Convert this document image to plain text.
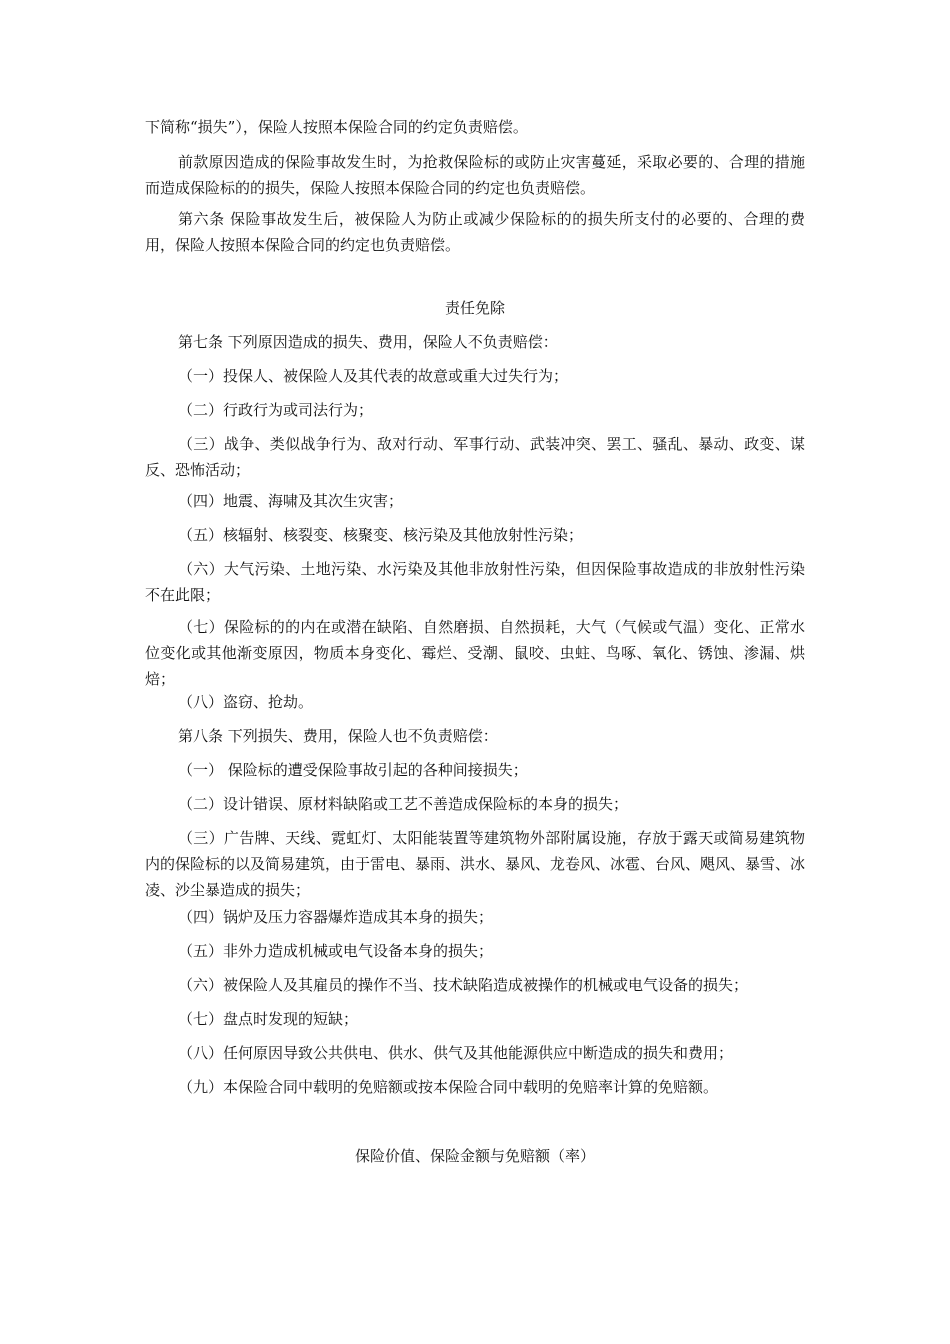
下简称“损失”），保险人按照本保险合同的约定负责赔偿。

前款原因造成的保险事故发生时，为抢救保险标的或防止灾害蔓延，采取必要的、合理的措施而造成保险标的的损失，保险人按照本保险合同的约定也负责赔偿。

第六条 保险事故发生后，被保险人为防止或减少保险标的的损失所支付的必要的、合理的费用，保险人按照本保险合同的约定也负责赔偿。

责任免除

第七条 下列原因造成的损失、费用，保险人不负责赔偿：

（一）投保人、被保险人及其代表的故意或重大过失行为；

（二）行政行为或司法行为；

（三）战争、类似战争行为、敌对行动、军事行动、武装冲突、罢工、骚乱、暴动、政变、谋反、恐怖活动；

（四）地震、海啸及其次生灾害；

（五）核辐射、核裂变、核聚变、核污染及其他放射性污染；

（六）大气污染、土地污染、水污染及其他非放射性污染，但因保险事故造成的非放射性污染不在此限；

（七）保险标的的内在或潜在缺陷、自然磨损、自然损耗，大气（气候或气温）变化、正常水位变化或其他渐变原因，物质本身变化、霉烂、受潮、鼠咬、虫蛀、鸟啄、氧化、锈蚀、渗漏、烘焙；

（八）盗窃、抢劫。

第八条 下列损失、费用，保险人也不负责赔偿：

（一） 保险标的遭受保险事故引起的各种间接损失；

（二）设计错误、原材料缺陷或工艺不善造成保险标的本身的损失；

（三）广告牌、天线、霓虹灯、太阳能装置等建筑物外部附属设施，存放于露天或简易建筑物内的保险标的以及简易建筑，由于雷电、暴雨、洪水、暴风、龙卷风、冰雹、台风、飓风、暴雪、冰凌、沙尘暴造成的损失；

（四）锅炉及压力容器爆炸造成其本身的损失；

（五）非外力造成机械或电气设备本身的损失；

（六）被保险人及其雇员的操作不当、技术缺陷造成被操作的机械或电气设备的损失；

（七）盘点时发现的短缺；

（八）任何原因导致公共供电、供水、供气及其他能源供应中断造成的损失和费用；

（九）本保险合同中载明的免赔额或按本保险合同中载明的免赔率计算的免赔额。

保险价值、保险金额与免赔额（率）
